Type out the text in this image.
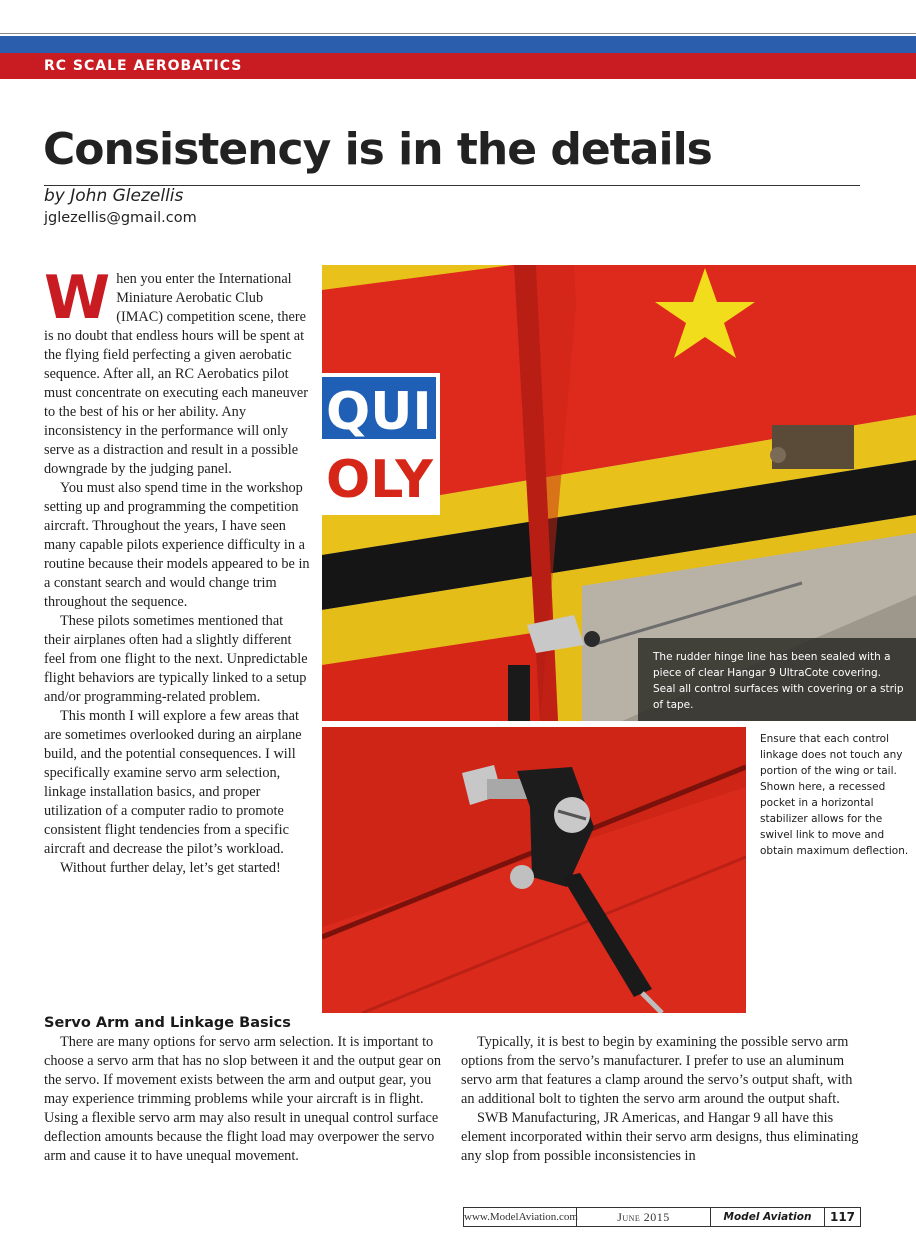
RC SCALE AEROBATICS
Consistency is in the details
by John Glezellis
jglezellis@gmail.com

When you enter the International Miniature Aerobatic Club (IMAC) competition scene, there is no doubt that endless hours will be spent at the flying field perfecting a given aerobatic sequence. After all, an RC Aerobatics pilot must concentrate on executing each maneuver to the best of his or her ability. Any inconsistency in the performance will only serve as a distraction and result in a possible downgrade by the judging panel.

You must also spend time in the workshop setting up and programming the competition aircraft. Throughout the years, I have seen many capable pilots experience difficulty in a routine because their models appeared to be in a constant search and would change trim throughout the sequence.

These pilots sometimes mentioned that their airplanes often had a slightly different feel from one flight to the next. Unpredictable flight behaviors are typically linked to a setup and/or programming-related problem.

This month I will explore a few areas that are sometimes overlooked during an airplane build, and the potential consequences. I will specifically examine servo arm selection, linkage installation basics, and proper utilization of a computer radio to promote consistent flight tendencies from a specific aircraft and decrease the pilot’s workload.

Without further delay, let’s get started!

QUI
OLY
The rudder hinge line has been sealed with a piece of clear Hangar 9 UltraCote covering. Seal all control surfaces with covering or a strip of tape.
Ensure that each control linkage does not touch any portion of the wing or tail. Shown here, a recessed pocket in a horizontal stabilizer allows for the swivel link to move and obtain maximum deflection.
Servo Arm and Linkage Basics

There are many options for servo arm selection. It is important to choose a servo arm that has no slop between it and the output gear on the servo. If movement exists between the arm and output gear, you may experience trimming problems while your aircraft is in flight. Using a flexible servo arm may also result in unequal control surface deflection amounts because the flight load may overpower the servo arm and cause it to have unequal movement.

Typically, it is best to begin by examining the possible servo arm options from the servo’s manufacturer. I prefer to use an aluminum servo arm that features a clamp around the servo’s output shaft, with an additional bolt to tighten the servo arm around the output shaft.

SWB Manufacturing, JR Americas, and Hangar 9 all have this element incorporated within their servo arm designs, thus eliminating any slop from possible inconsistencies in

www.ModelAviation.com	June 2015	Model Aviation	117
